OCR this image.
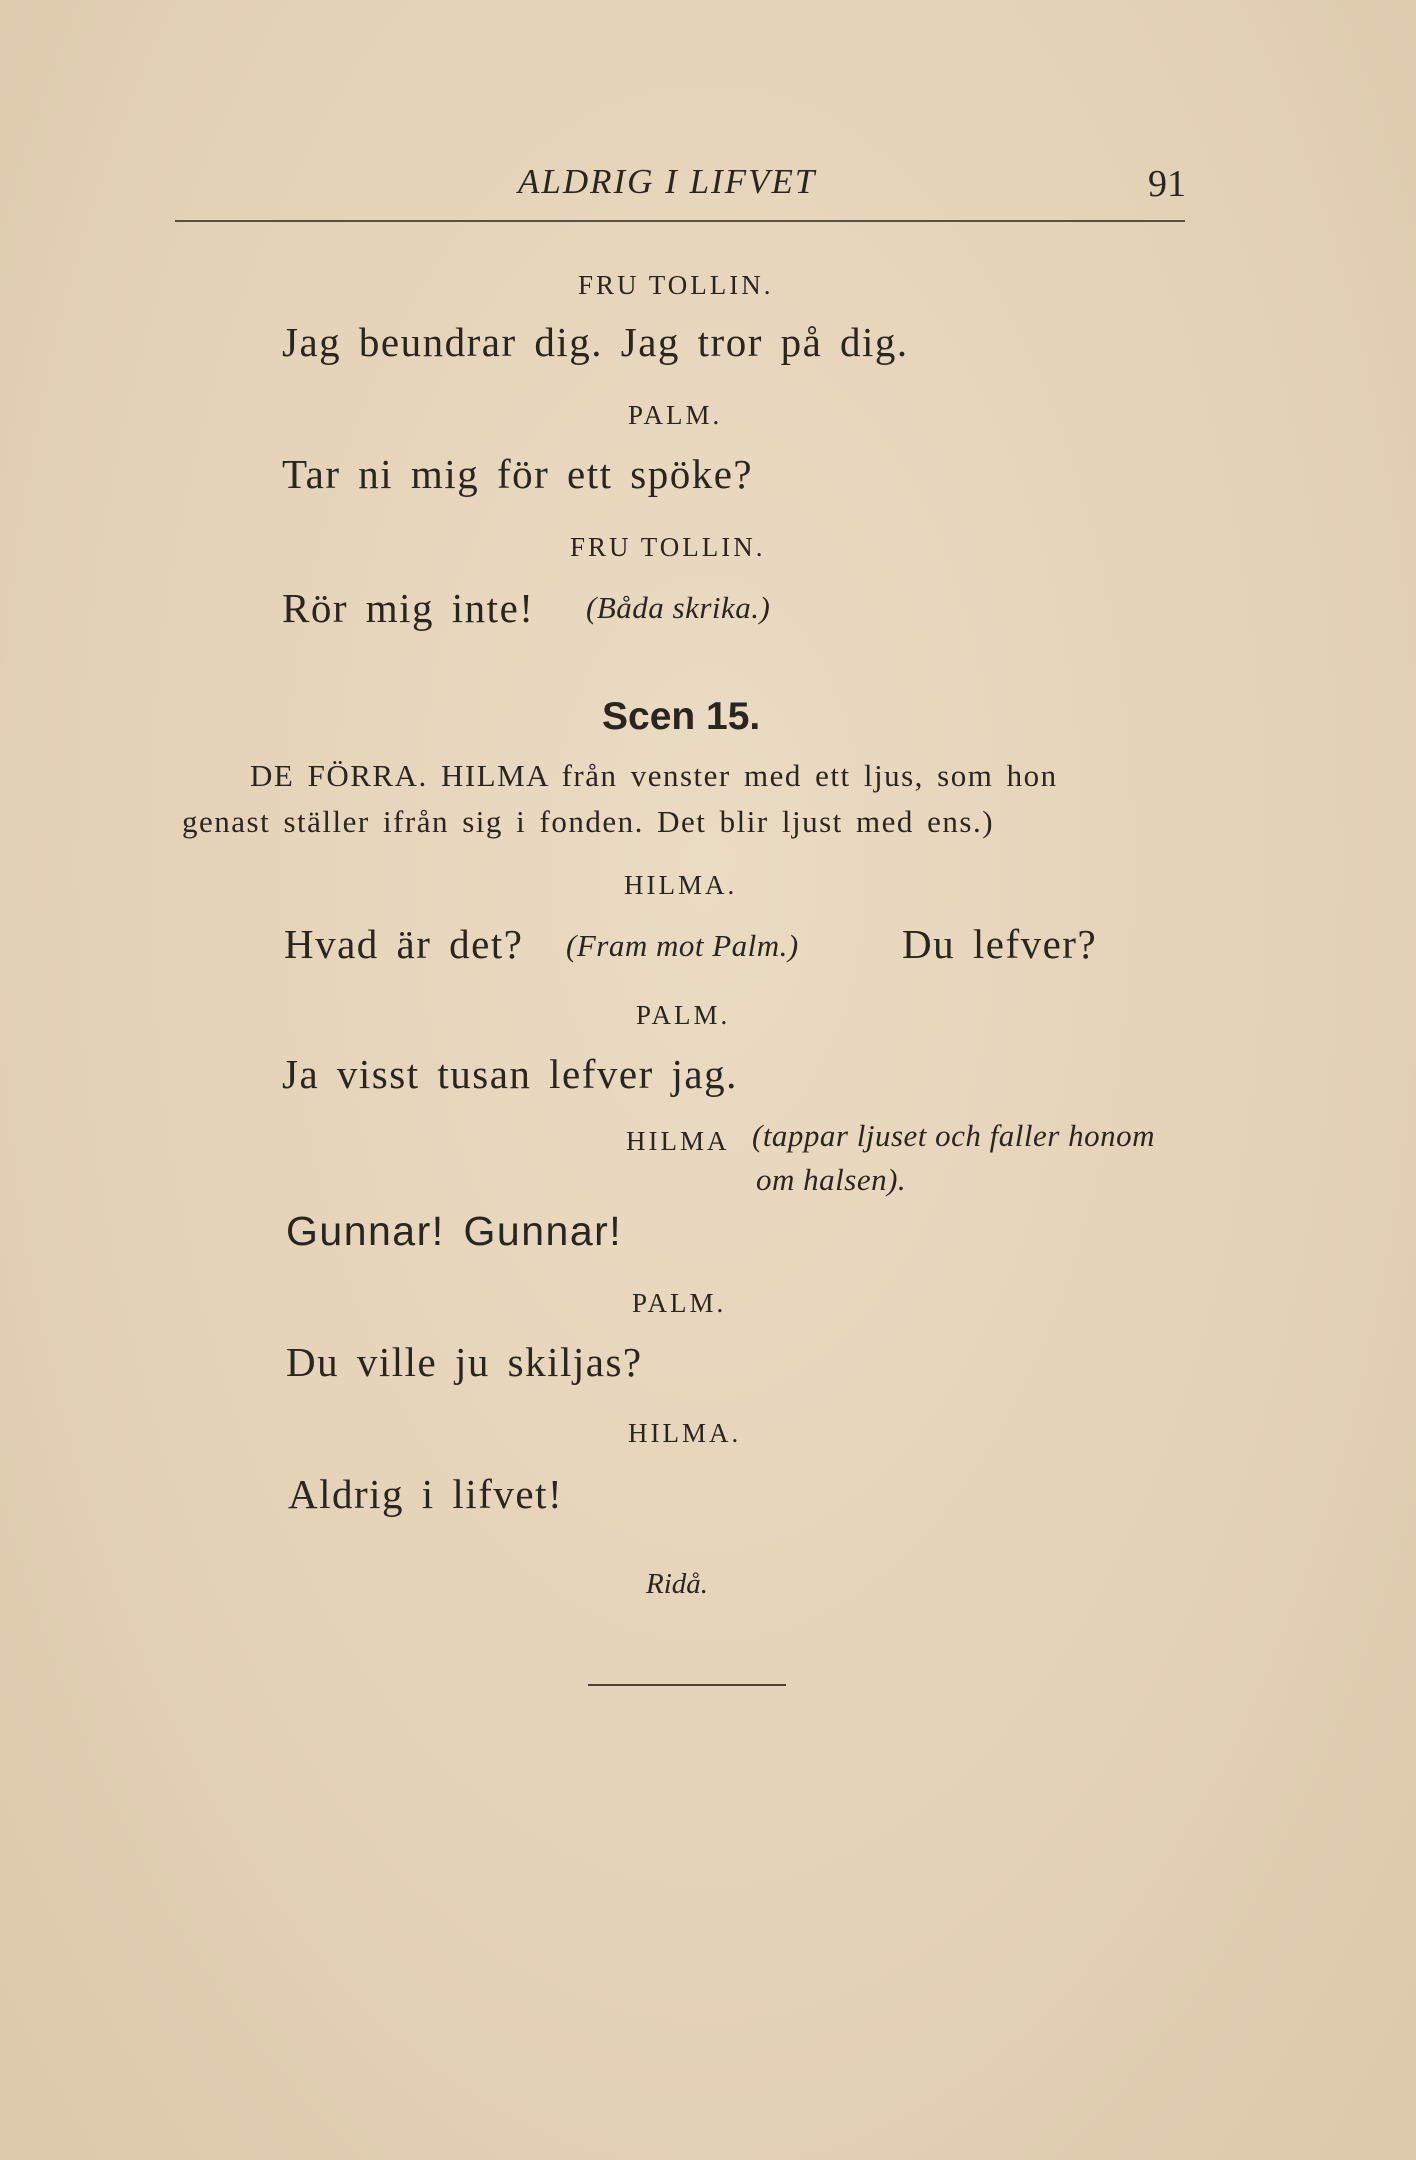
ALDRIG I LIFVET	91
FRU TOLLIN.
Jag beundrar dig. Jag tror på dig.
PALM.
Tar ni mig för ett spöke?
FRU TOLLIN.
Rör mig inte! (Båda skrika.)
Scen 15.
DE FÖRRA. HILMA från venster med ett ljus, som hon
genast ställer ifrån sig i fonden. Det blir ljust med ens.)
HILMA.
Hvad är det? (Fram mot Palm.)	Du lefver?
PALM.
Ja visst tusan lefver jag.
HILMA (tappar ljuset och faller honom
om halsen).
Gunnar! Gunnar!
PALM.
Du ville ju skiljas?
HILMA.
Aldrig i lifvet!
Ridå.
